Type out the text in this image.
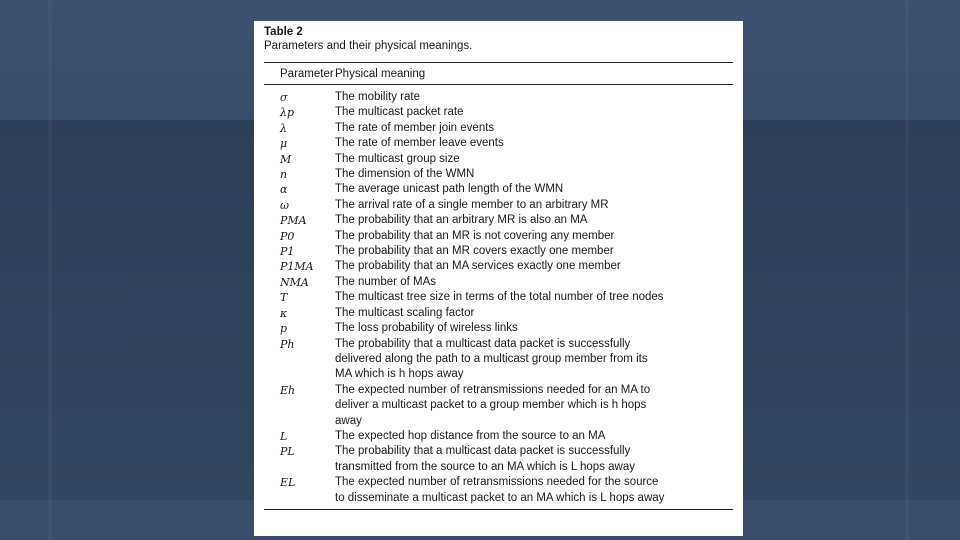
Table 2
Parameters and their physical meanings.
Parameter Physical meaning
σ	The mobility rate
λp	The multicast packet rate
λ	The rate of member join events
μ	The rate of member leave events
M	The multicast group size
n	The dimension of the WMN
α	The average unicast path length of the WMN
ω	The arrival rate of a single member to an arbitrary MR
PMA	The probability that an arbitrary MR is also an MA
P0	The probability that an MR is not covering any member
P1	The probability that an MR covers exactly one member
P1MA	The probability that an MA services exactly one member
NMA	The number of MAs
T	The multicast tree size in terms of the total number of tree nodes
κ	The multicast scaling factor
p	The loss probability of wireless links
Ph	The probability that a multicast data packet is successfully
delivered along the path to a multicast group member from its
MA which is h hops away
Eh	The expected number of retransmissions needed for an MA to
deliver a multicast packet to a group member which is h hops
away
L	The expected hop distance from the source to an MA
PL	The probability that a multicast data packet is successfully
transmitted from the source to an MA which is L hops away
EL	The expected number of retransmissions needed for the source
to disseminate a multicast packet to an MA which is L hops away
